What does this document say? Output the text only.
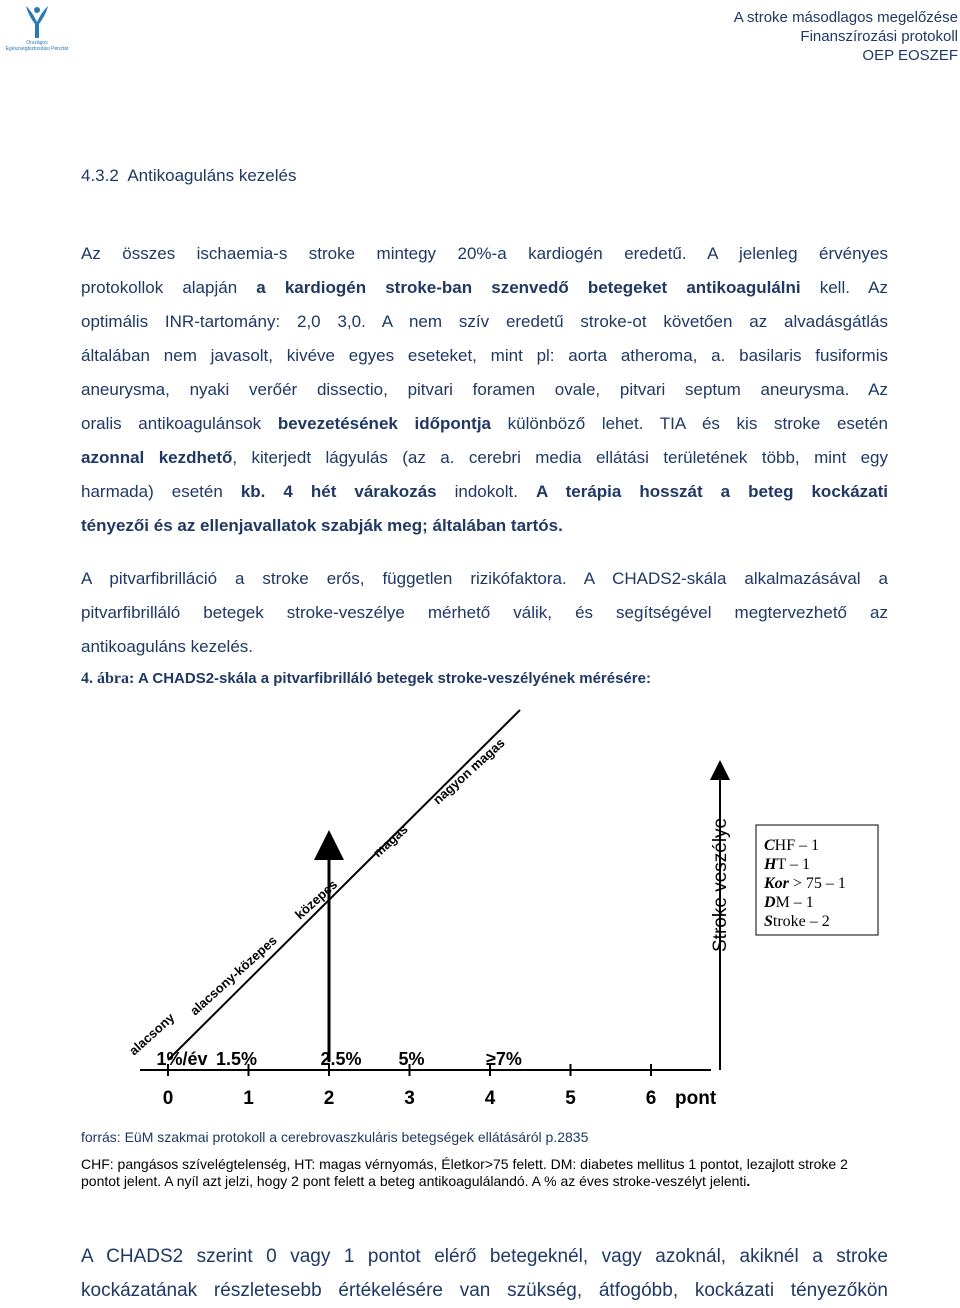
Országos Egészségbiztosítási Pénztár
A stroke másodlagos megelőzése
Finanszírozási protokoll
OEP EOSZEF
4.3.2  Antikoaguláns kezelés
Az összes ischaemia-s stroke mintegy 20%-a kardiogén eredetű. A jelenleg érvényes
protokollok alapján a kardiogén stroke-ban szenvedő betegeket antikoagulálni kell. Az
optimális INR-tartomány: 2,0 3,0. A nem szív eredetű stroke-ot követően az alvadásgátlás
általában nem javasolt, kivéve egyes eseteket, mint pl: aorta atheroma, a. basilaris fusiformis
aneurysma, nyaki verőér dissectio, pitvari foramen ovale, pitvari septum aneurysma. Az
oralis antikoagulánsok bevezetésének időpontja különböző lehet. TIA és kis stroke esetén
azonnal kezdhető, kiterjedt lágyulás (az a. cerebri media ellátási területének több, mint egy
harmada) esetén kb. 4 hét várakozás indokolt. A terápia hosszát a beteg kockázati
tényezői és az ellenjavallatok szabják meg; általában tartós.
A pitvarfibrilláció a stroke erős, független rizikófaktora. A CHADS2-skála alkalmazásával a
pitvarfibrilláló betegek stroke-veszélye mérhető válik, és segítségével megtervezhető az
antikoaguláns kezelés.
4. ábra: A CHADS2-skála a pitvarfibrilláló betegek stroke-veszélyének mérésére:
Stroke veszélye
0	1	2	3	4	5	6 pont
1%/év 1.5%	2.5% 5%	≥7%
alacsony
alacsony-közepes
közepes
magas
nagyon magas
CHF – 1
HT – 1
Kor > 75 – 1
DM – 1
Stroke – 2
forrás: EüM szakmai protokoll a cerebrovaszkuláris betegségek ellátásáról p.2835
CHF: pangásos szívelégtelenség, HT: magas vérnyomás, Életkor>75 felett. DM: diabetes mellitus 1 pontot, lezajlott stroke 2 pontot jelent. A nyíl azt jelzi, hogy 2 pont felett a beteg antikoagulálandó. A % az éves stroke-veszélyt jelenti.
A CHADS2 szerint 0 vagy 1 pontot elérő betegeknél, vagy azoknál, akiknél a stroke
kockázatának részletesebb értékelésére van szükség, átfogóbb, kockázati tényezőkön
